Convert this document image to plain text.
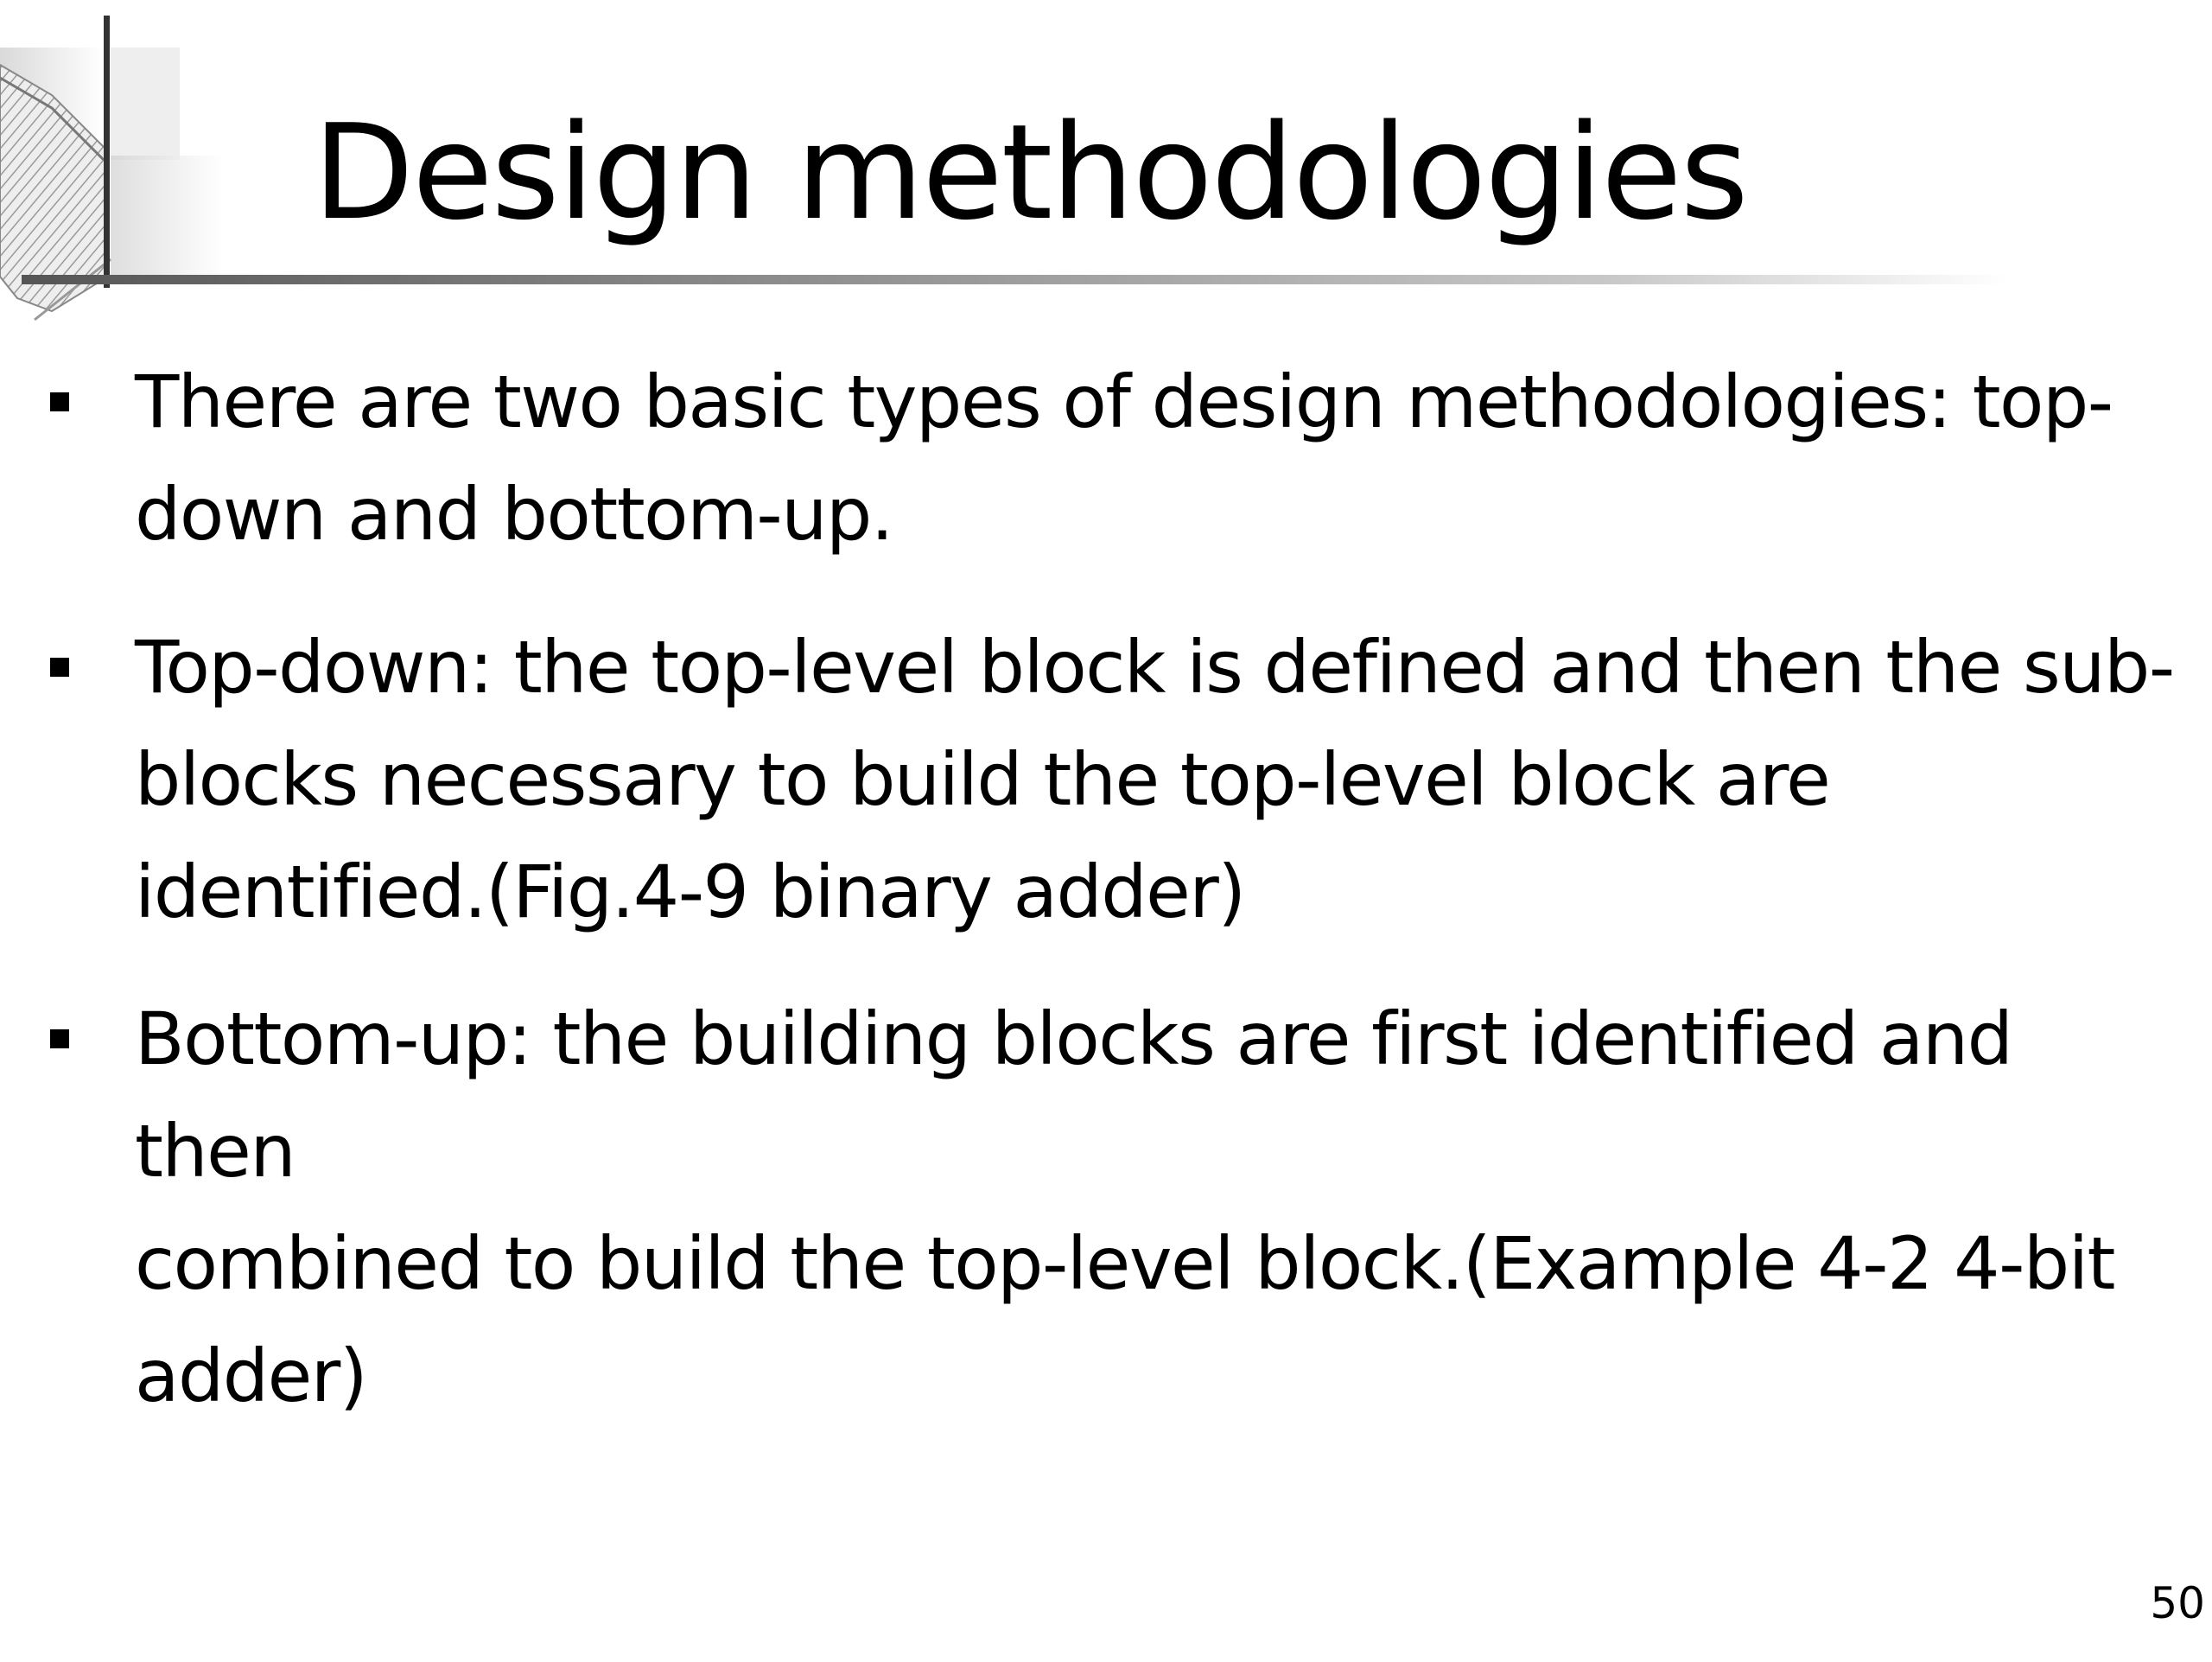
Design methodologies
There are two basic types of design methodologies: top-
down and bottom-up.
Top-down: the top-level block is defined and then the sub-
blocks necessary to build the top-level block are
identified.(Fig.4-9 binary adder)
Bottom-up: the building blocks are first identified and then
combined to build the top-level block.(Example 4-2 4-bit
adder)
50
